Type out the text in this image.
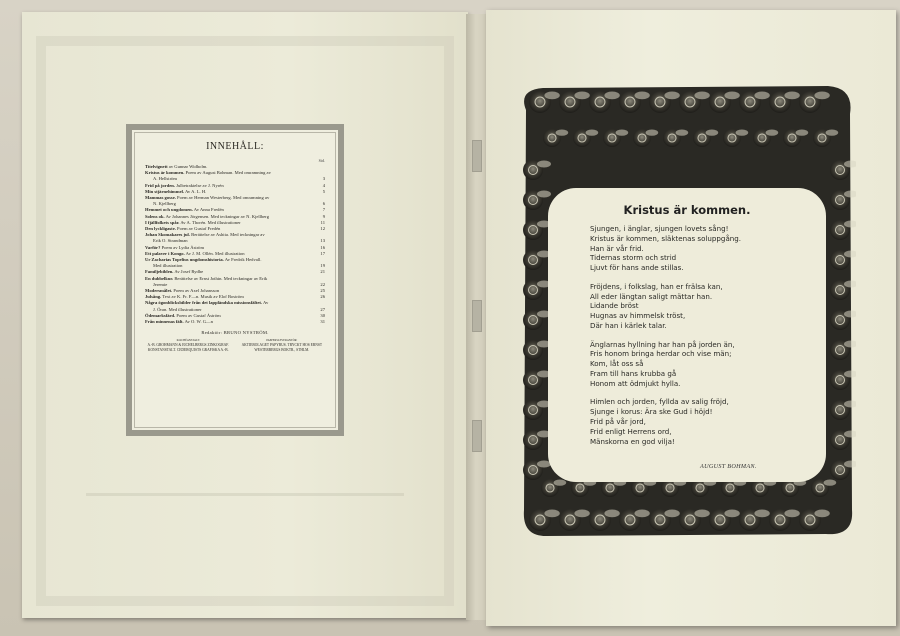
INNEHÅLL:
Sid.
Titelvignett av Gunnar Widholm.
Kristus är kommen. Poem av August Bohman. Med omramning av
A. Hellström	3
Frid på jorden. Julbetraktelse av J. Nyrén	4
Min stjärnehimmel. Av A. L. H.	5
Mammas gosse. Poem av Herman Westerberg. Med omramning av
N. Kjellberg	6
Hemmet och ungdomen. Av Anna Fredén	7
Solens ok. Av Johannes Jörgensen. Med teckningar av N. Kjellberg	9
I fjällfolkets spår. Av A. Thorén. Med illustrationer	11
Den lyckligaste. Poem av Gustaf Fredén	12
Johan Skomakares jul. Berättelse av Ashita. Med teckningar av
Erik O. Strandman	13
Varför? Poem av Lydia Åström	16
Ett palaver i Kongo. Av J. M. Ollén. Med illustration	17
Ur Zacharias Topelius ungdomshistoria. Av Fredrik Hedvall.
Med illustration	19
Familjebiblen. Av Josef Rydhe	21
En dubbelkur. Berättelse av Ernst Jothin. Med teckningar av Erik
Jeremie	22
Modersmålet. Poem av Axel Johansson	25
Julsång. Text av K. Fr. F—n. Musik av Elof Boström	26
Några ögonblicksbilder från det lappländska missionsfältet. Av
J. Öran. Med illustrationer	27
Ödemarksfärd. Poem av Gustaf Åström	30
Från minnenas fält. Av O. W. G—n	31
Redaktör: BRUNO NYSTRÖM.
KLICHÉANSTALT:
A.-B. GROHMANN & EICHELBERGS ZINKOGRAF. KONSTANSTALT. CEDERQUISTS GRAFISKA A.-B.
PAPPERSLEVERANTÖR:
AKTIEBOLAGET PAPYRUS. TRYCKT HOS ERNST WESTERBERGS BOKTR., STHLM.
Kristus är kommen.
Sjungen, i änglar, sjungen lovets sång!
Kristus är kommen, släktenas soluppgång.
Han är vår frid.
Tidernas storm och strid
Ljuvt för hans ande stillas.
Fröjdens, i folkslag, han er frälsa kan,
All eder längtan saligt mättar han.
Lidande bröst
Hugnas av himmelsk tröst,
Där han i kärlek talar.
Änglarnas hyllning har han på jorden än,
Fris honom bringa herdar och vise män;
Kom, låt oss så
Fram till hans krubba gå
Honom att ödmjukt hylla.
Himlen och jorden, fyllda av salig fröjd,
Sjunge i korus: Ära ske Gud i höjd!
Frid på vår jord,
Frid enligt Herrens ord,
Mänskorna en god vilja!
AUGUST BOHMAN.
